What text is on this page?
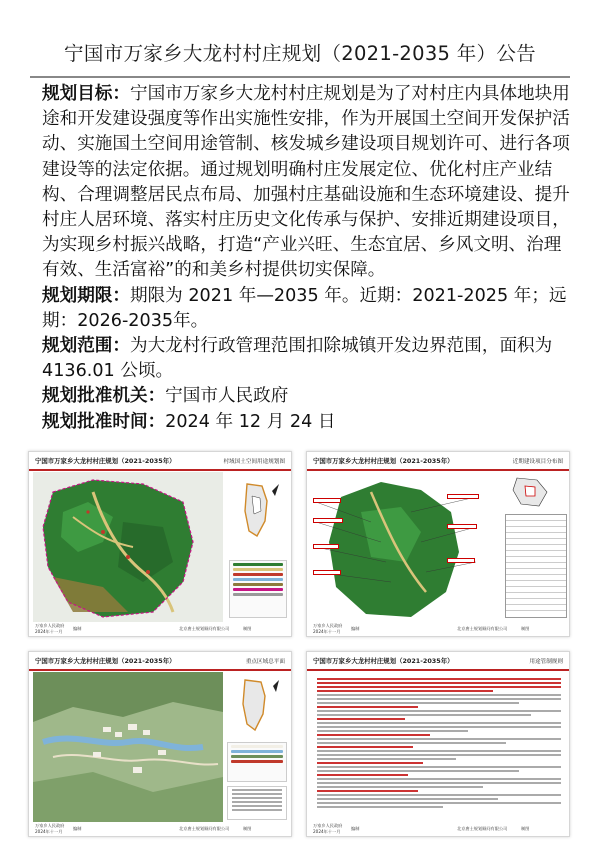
宁国市万家乡大龙村村庄规划（2021-2035 年）公告

规划目标：宁国市万家乡大龙村村庄规划是为了对村庄内具体地块用途和开发建设强度等作出实施性安排，作为开展国土空间开发保护活动、实施国土空间用途管制、核发城乡建设项目规划许可、进行各项建设等的法定依据。通过规划明确村庄发展定位、优化村庄产业结构、合理调整居民点布局、加强村庄基础设施和生态环境建设、提升村庄人居环境、落实村庄历史文化传承与保护、安排近期建设项目，为实现乡村振兴战略，打造“产业兴旺、生态宜居、乡风文明、治理有效、生活富裕”的和美乡村提供切实保障。

规划期限：期限为 2021 年—2035 年。近期：2021-2025 年；远期：2026-2035年。

规划范围：为大龙村行政管理范围扣除城镇开发边界范围，面积为4136.01 公顷。

规划批准机关：宁国市人民政府

规划批准时间：2024 年 12 月 24 日

宁国市万家乡大龙村村庄规划（2021-2035年）	村域国土空间用途规划图
万家乡人民政府
2024年十一月
编制	北京唐土规划顾问有限公司	制图
宁国市万家乡大龙村村庄规划（2021-2035年）	近期建设项目分布图
万家乡人民政府
2024年十一月
编制	北京唐土规划顾问有限公司	制图
宁国市万家乡大龙村村庄规划（2021-2035年）	重点区域总平面
万家乡人民政府
2024年十一月
编制	北京唐土规划顾问有限公司	制图
宁国市万家乡大龙村村庄规划（2021-2035年）	用途管制规则
万家乡人民政府
2024年十一月
编制	北京唐土规划顾问有限公司	制图
